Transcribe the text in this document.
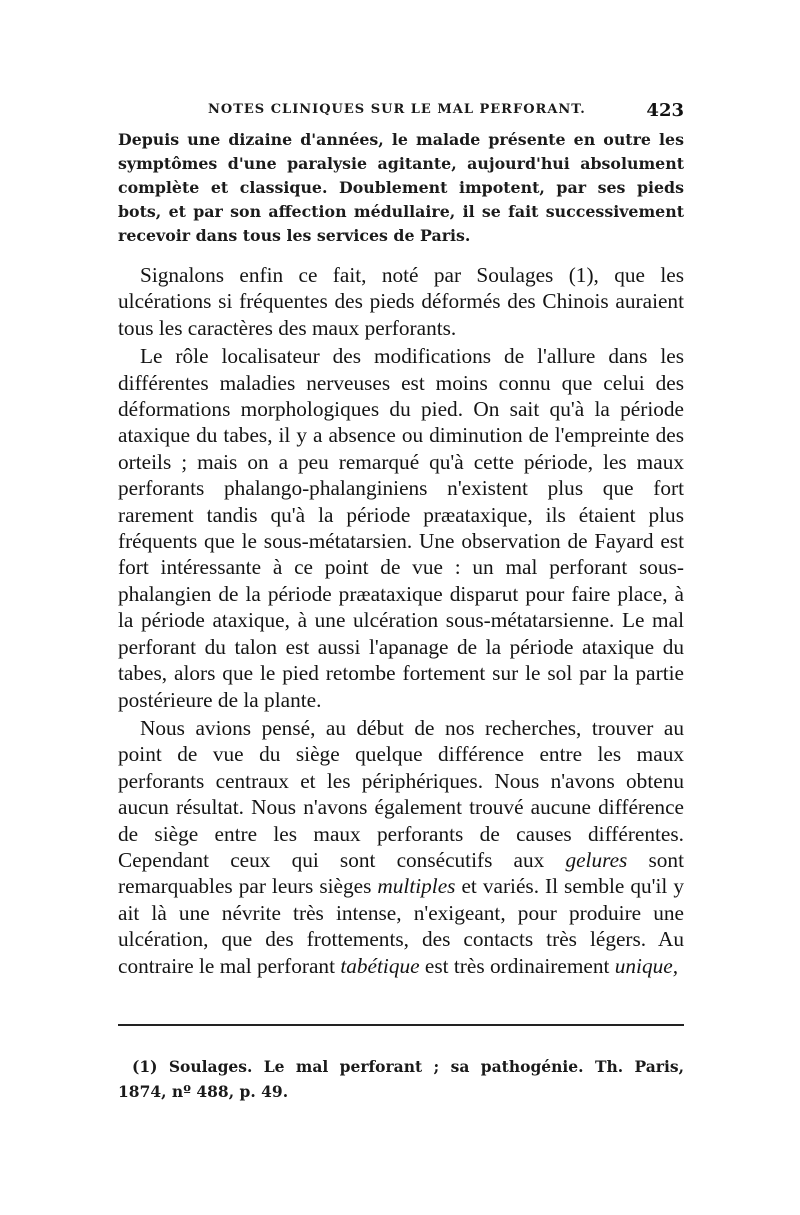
NOTES CLINIQUES SUR LE MAL PERFORANT.	423
Depuis une dizaine d'années, le malade présente en outre les symptômes d'une paralysie agitante, aujourd'hui absolument complète et classique. Doublement impotent, par ses pieds bots, et par son affection médullaire, il se fait successivement recevoir dans tous les services de Paris.

Signalons enfin ce fait, noté par Soulages (1), que les ulcérations si fréquentes des pieds déformés des Chinois auraient tous les caractères des maux perforants.

Le rôle localisateur des modifications de l'allure dans les différentes maladies nerveuses est moins connu que celui des déformations morphologiques du pied. On sait qu'à la période ataxique du tabes, il y a absence ou diminution de l'empreinte des orteils ; mais on a peu remarqué qu'à cette période, les maux perforants phalango-phalanginiens n'existent plus que fort rarement tandis qu'à la période præataxique, ils étaient plus fréquents que le sous-métatarsien. Une observation de Fayard est fort intéressante à ce point de vue : un mal perforant sous-phalangien de la période præataxique disparut pour faire place, à la période ataxique, à une ulcération sous-métatarsienne. Le mal perforant du talon est aussi l'apanage de la période ataxique du tabes, alors que le pied retombe fortement sur le sol par la partie postérieure de la plante.

Nous avions pensé, au début de nos recherches, trouver au point de vue du siège quelque différence entre les maux perforants centraux et les périphériques. Nous n'avons obtenu aucun résultat. Nous n'avons également trouvé aucune différence de siège entre les maux perforants de causes différentes. Cependant ceux qui sont consécutifs aux gelures sont remarquables par leurs sièges multiples et variés. Il semble qu'il y ait là une névrite très intense, n'exigeant, pour produire une ulcération, que des frottements, des contacts très légers. Au contraire le mal perforant tabétique est très ordinairement unique,

(1) Soulages. Le mal perforant ; sa pathogénie. Th. Paris, 1874, nº 488, p. 49.
